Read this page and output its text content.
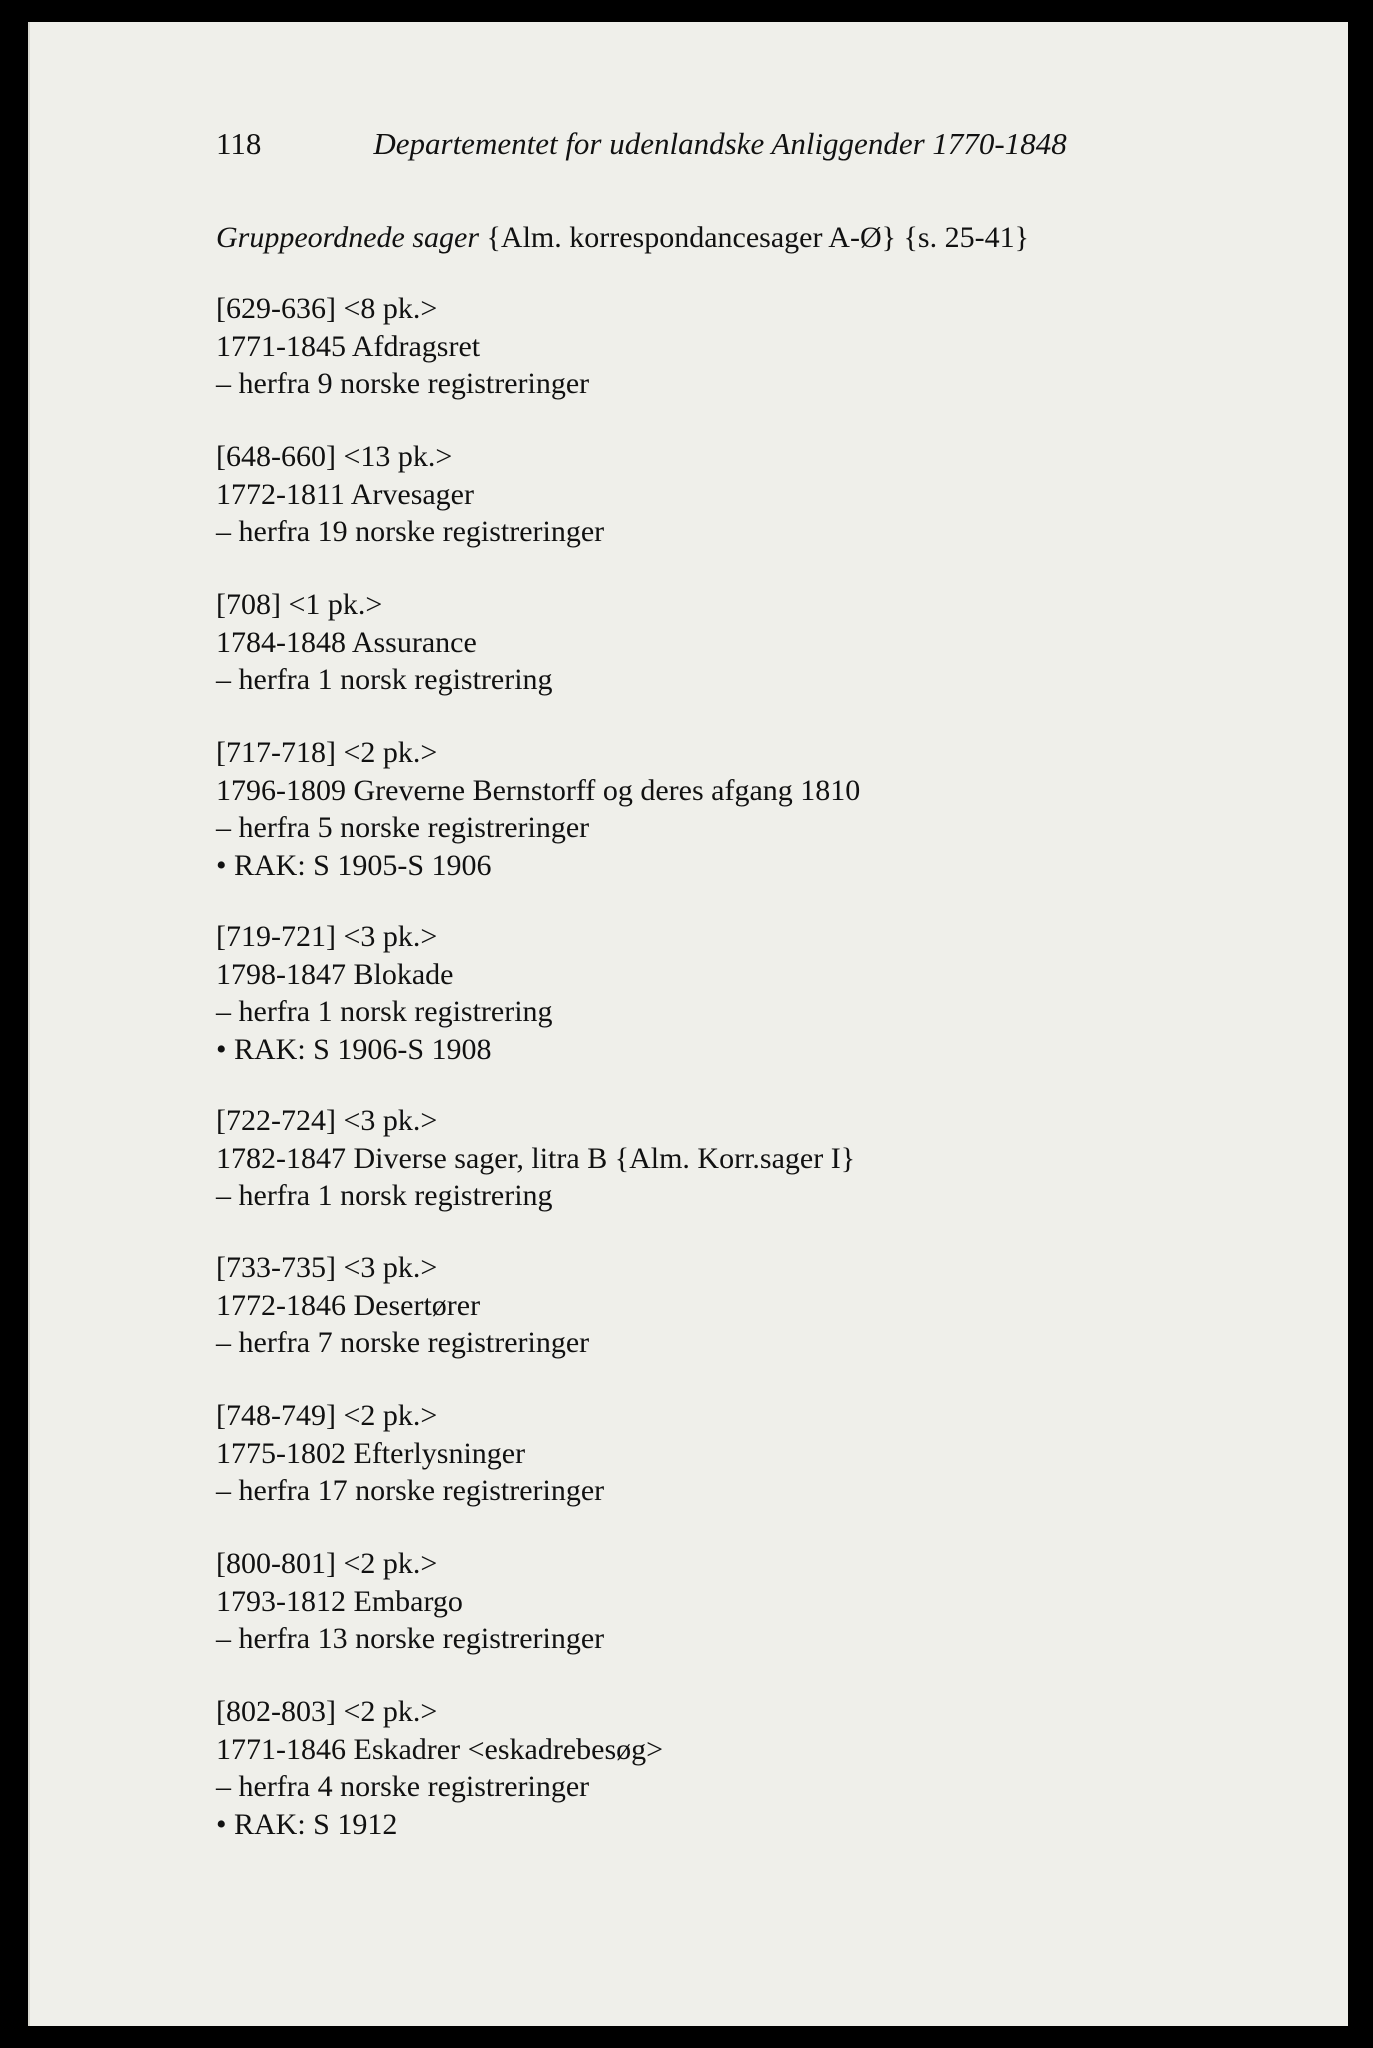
118	Departementet for udenlandske Anliggender 1770-1848
Gruppeordnede sager {Alm. korrespondancesager A-Ø} {s. 25-41}
[629-636] <8 pk.>
1771-1845 Afdragsret
– herfra 9 norske registreringer
[648-660] <13 pk.>
1772-1811 Arvesager
– herfra 19 norske registreringer
[708] <1 pk.>
1784-1848 Assurance
– herfra 1 norsk registrering
[717-718] <2 pk.>
1796-1809 Greverne Bernstorff og deres afgang 1810
– herfra 5 norske registreringer
• RAK: S 1905-S 1906
[719-721] <3 pk.>
1798-1847 Blokade
– herfra 1 norsk registrering
• RAK: S 1906-S 1908
[722-724] <3 pk.>
1782-1847 Diverse sager, litra B {Alm. Korr.sager I}
– herfra 1 norsk registrering
[733-735] <3 pk.>
1772-1846 Desertører
– herfra 7 norske registreringer
[748-749] <2 pk.>
1775-1802 Efterlysninger
– herfra 17 norske registreringer
[800-801] <2 pk.>
1793-1812 Embargo
– herfra 13 norske registreringer
[802-803] <2 pk.>
1771-1846 Eskadrer <eskadrebesøg>
– herfra 4 norske registreringer
• RAK: S 1912
